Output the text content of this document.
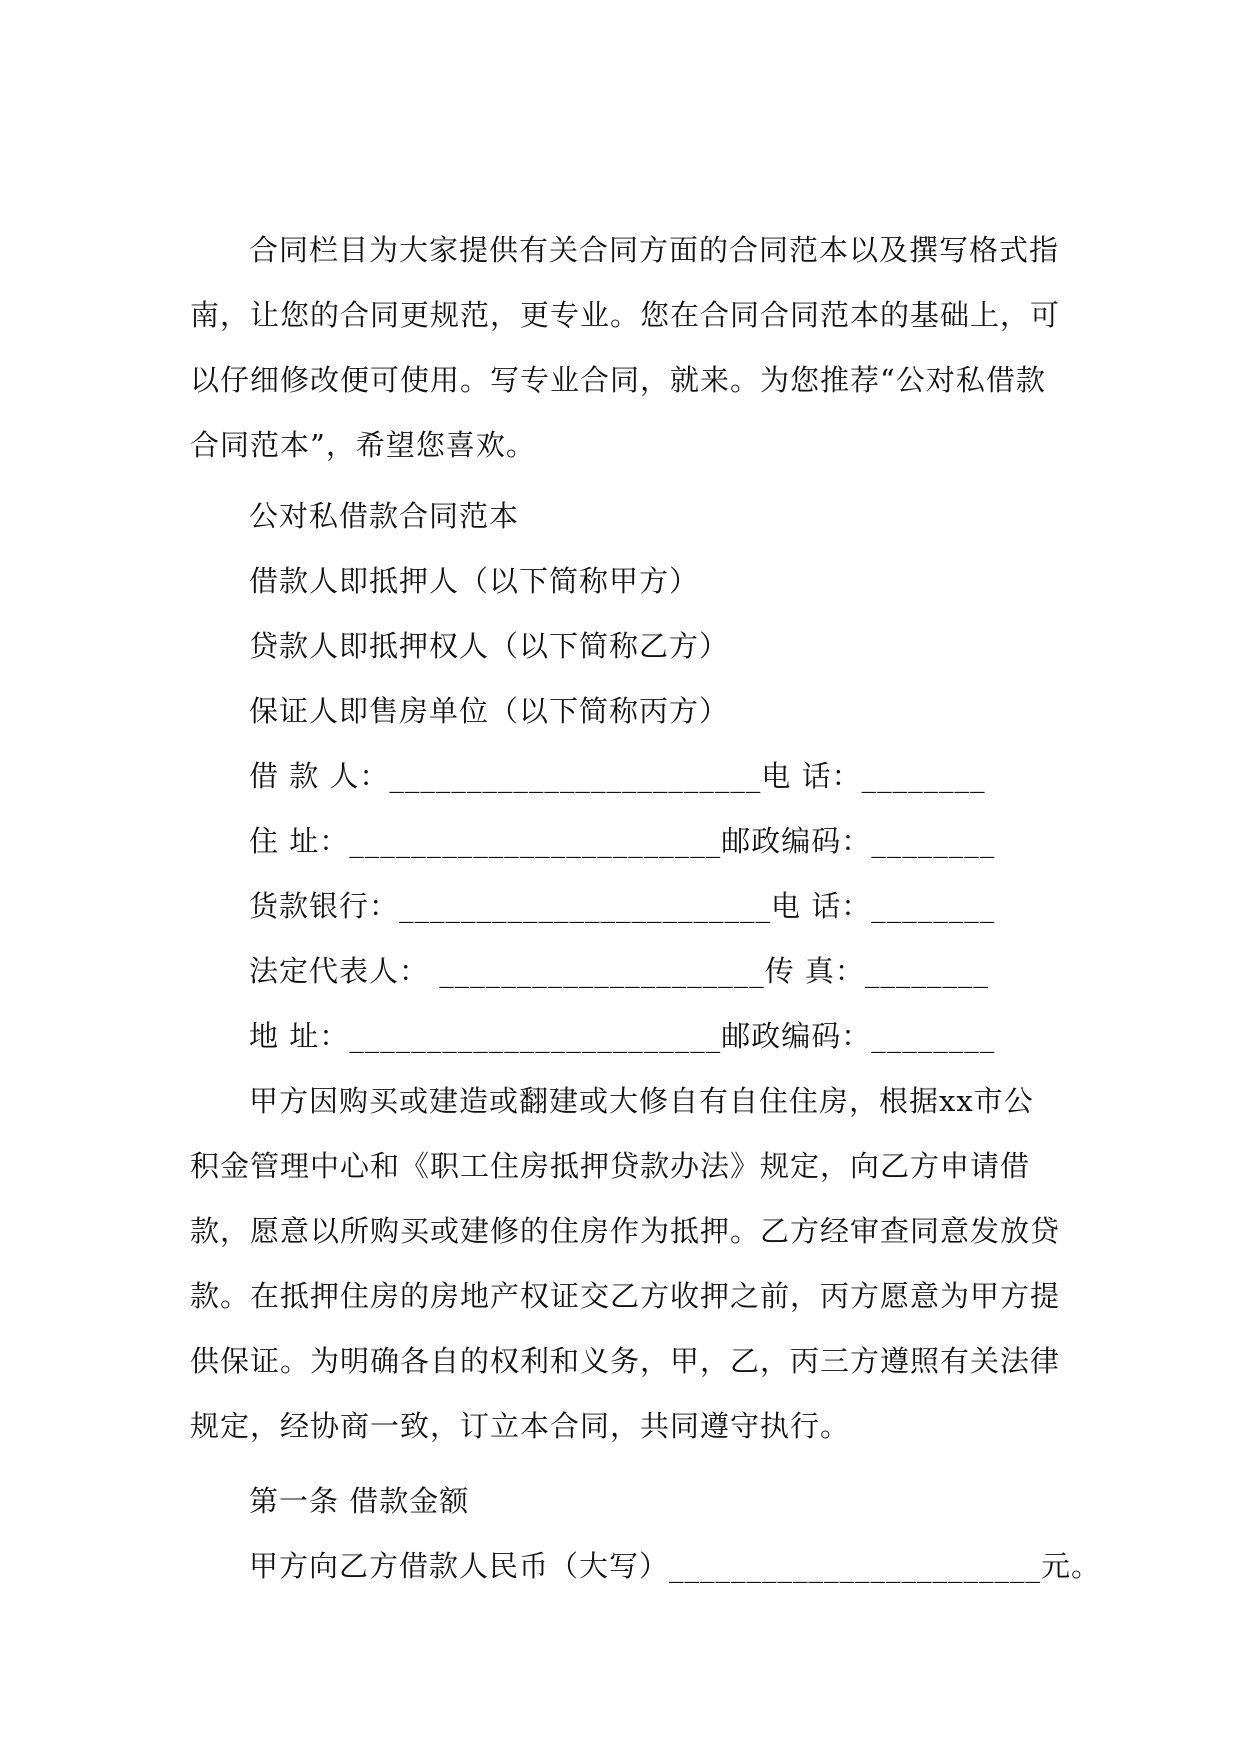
合同栏目为大家提供有关合同方面的合同范本以及撰写格式指南，让您的合同更规范，更专业。您在合同合同范本的基础上，可以仔细修改便可使用。写专业合同，就来。为您推荐“公对私借款合同范本”，希望您喜欢。
公对私借款合同范本
借款人即抵押人（以下简称甲方）
贷款人即抵押权人（以下简称乙方）
保证人即售房单位（以下简称丙方）
借 款 人：________________________电 话：________
住 址：________________________邮政编码：________
货款银行：________________________电 话：________
法定代表人： _____________________传 真：________
地 址：________________________邮政编码：________
甲方因购买或建造或翻建或大修自有自住住房，根据xx市公积金管理中心和《职工住房抵押贷款办法》规定，向乙方申请借款，愿意以所购买或建修的住房作为抵押。乙方经审查同意发放贷款。在抵押住房的房地产权证交乙方收押之前，丙方愿意为甲方提供保证。为明确各自的权利和义务，甲，乙，丙三方遵照有关法律规定，经协商一致，订立本合同，共同遵守执行。
第一条 借款金额
甲方向乙方借款人民币（大写）________________________元。
